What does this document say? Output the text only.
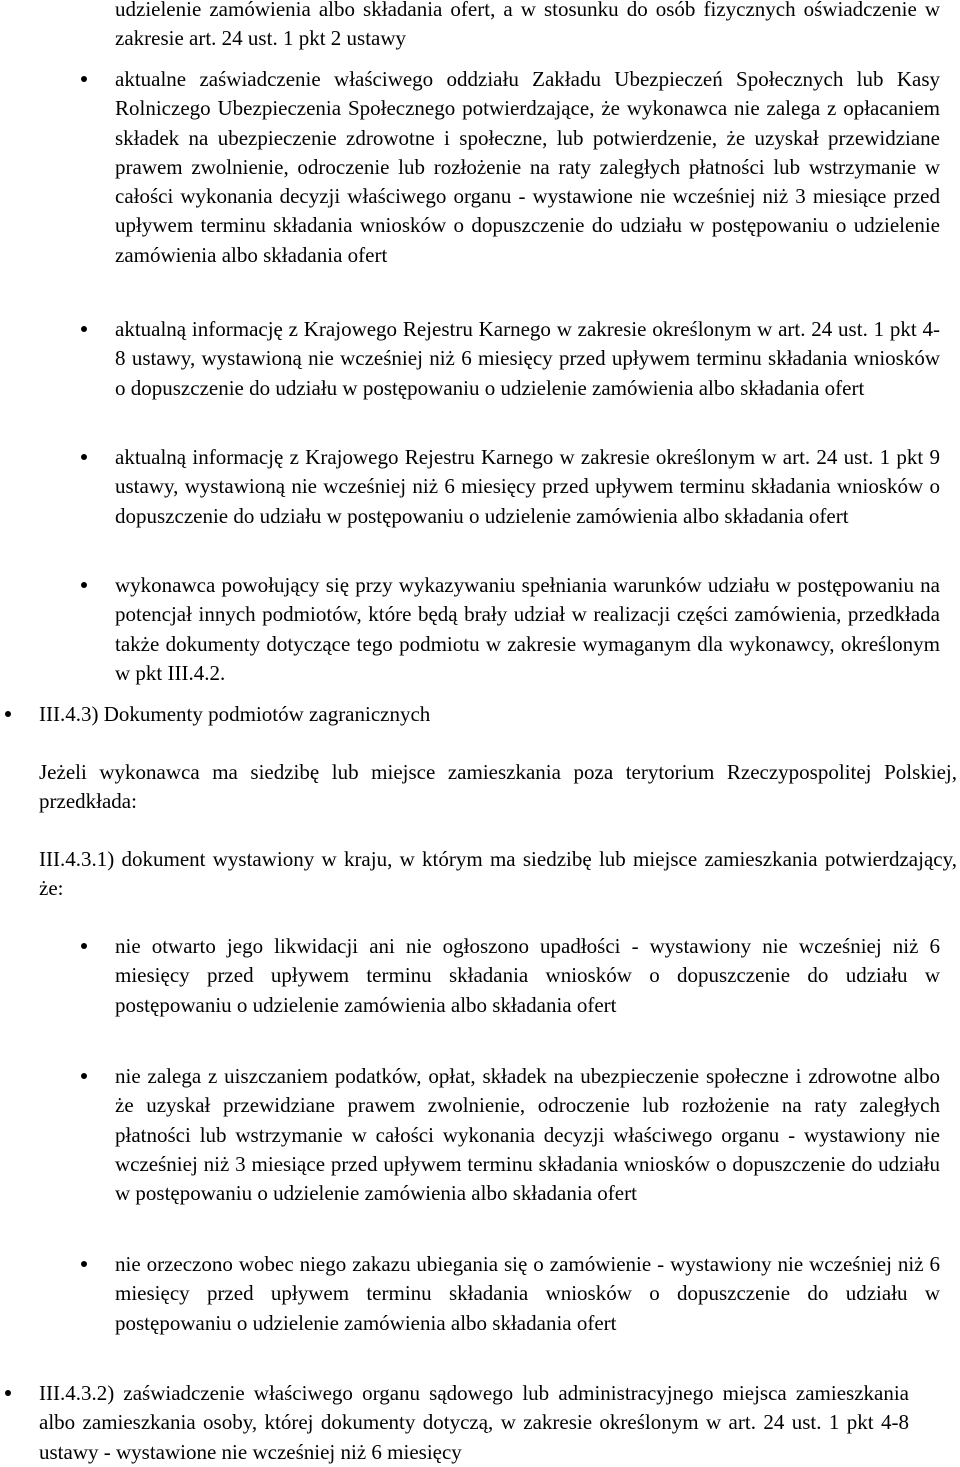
udzielenie zamówienia albo składania ofert, a w stosunku do osób fizycznych oświadczenie w zakresie art. 24 ust. 1 pkt 2 ustawy

aktualne zaświadczenie właściwego oddziału Zakładu Ubezpieczeń Społecznych lub Kasy Rolniczego Ubezpieczenia Społecznego potwierdzające, że wykonawca nie zalega z opłacaniem składek na ubezpieczenie zdrowotne i społeczne, lub potwierdzenie, że uzyskał przewidziane prawem zwolnienie, odroczenie lub rozłożenie na raty zaległych płatności lub wstrzymanie w całości wykonania decyzji właściwego organu - wystawione nie wcześniej niż 3 miesiące przed upływem terminu składania wniosków o dopuszczenie do udziału w postępowaniu o udzielenie zamówienia albo składania ofert

aktualną informację z Krajowego Rejestru Karnego w zakresie określonym w art. 24 ust. 1 pkt 4-8 ustawy, wystawioną nie wcześniej niż 6 miesięcy przed upływem terminu składania wniosków o dopuszczenie do udziału w postępowaniu o udzielenie zamówienia albo składania ofert

aktualną informację z Krajowego Rejestru Karnego w zakresie określonym w art. 24 ust. 1 pkt 9 ustawy, wystawioną nie wcześniej niż 6 miesięcy przed upływem terminu składania wniosków o dopuszczenie do udziału w postępowaniu o udzielenie zamówienia albo składania ofert

wykonawca powołujący się przy wykazywaniu spełniania warunków udziału w postępowaniu na potencjał innych podmiotów, które będą brały udział w realizacji części zamówienia, przedkłada także dokumenty dotyczące tego podmiotu w zakresie wymaganym dla wykonawcy, określonym w pkt III.4.2.

III.4.3) Dokumenty podmiotów zagranicznych

Jeżeli wykonawca ma siedzibę lub miejsce zamieszkania poza terytorium Rzeczypospolitej Polskiej, przedkłada:

III.4.3.1) dokument wystawiony w kraju, w którym ma siedzibę lub miejsce zamieszkania potwierdzający, że:

nie otwarto jego likwidacji ani nie ogłoszono upadłości - wystawiony nie wcześniej niż 6 miesięcy przed upływem terminu składania wniosków o dopuszczenie do udziału w postępowaniu o udzielenie zamówienia albo składania ofert

nie zalega z uiszczaniem podatków, opłat, składek na ubezpieczenie społeczne i zdrowotne albo że uzyskał przewidziane prawem zwolnienie, odroczenie lub rozłożenie na raty zaległych płatności lub wstrzymanie w całości wykonania decyzji właściwego organu - wystawiony nie wcześniej niż 3 miesiące przed upływem terminu składania wniosków o dopuszczenie do udziału w postępowaniu o udzielenie zamówienia albo składania ofert

nie orzeczono wobec niego zakazu ubiegania się o zamówienie - wystawiony nie wcześniej niż 6 miesięcy przed upływem terminu składania wniosków o dopuszczenie do udziału w postępowaniu o udzielenie zamówienia albo składania ofert

III.4.3.2) zaświadczenie właściwego organu sądowego lub administracyjnego miejsca zamieszkania albo zamieszkania osoby, której dokumenty dotyczą, w zakresie określonym w art. 24 ust. 1 pkt 4-8 ustawy - wystawione nie wcześniej niż 6 miesięcy
